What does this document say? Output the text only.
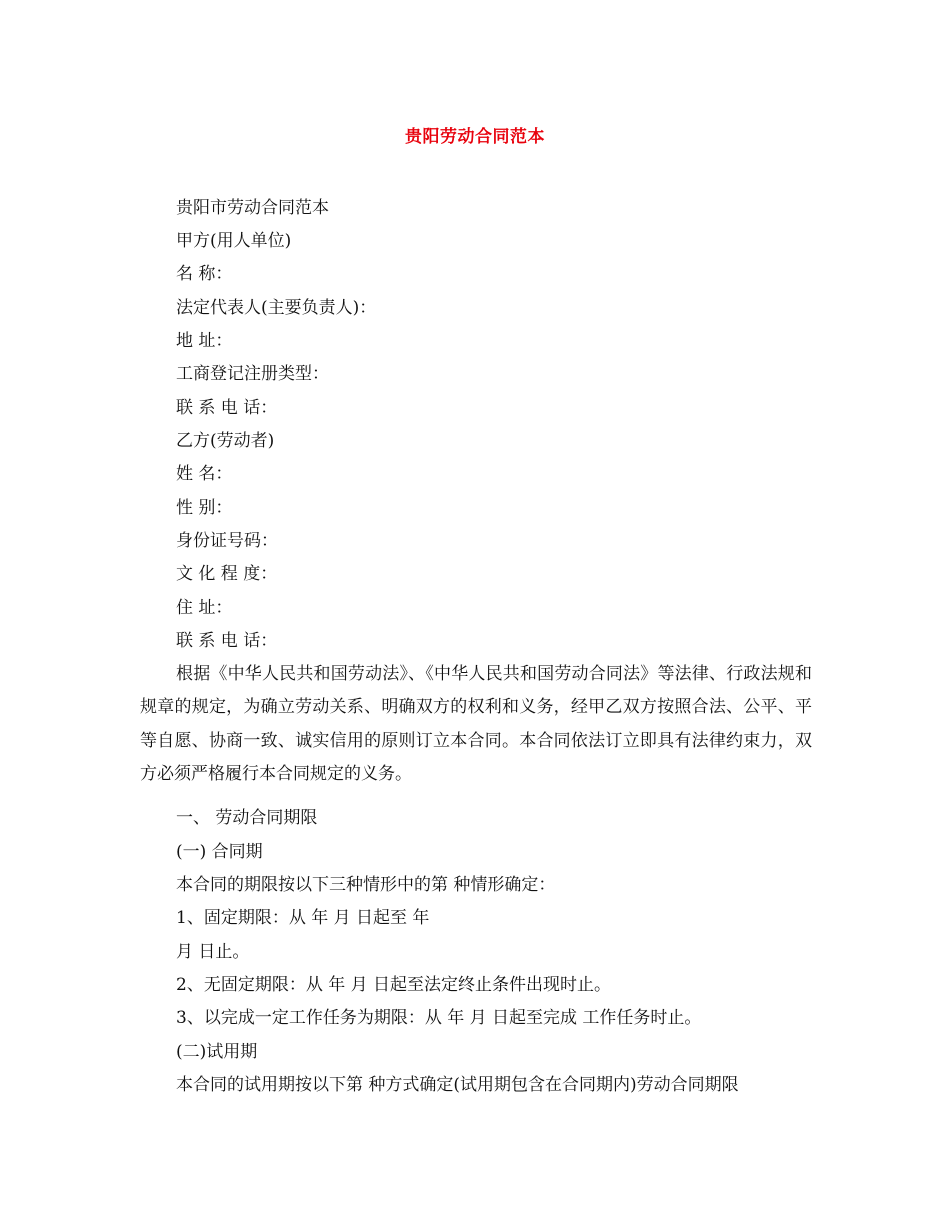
贵阳劳动合同范本
贵阳市劳动合同范本
甲方(用人单位)
名 称：
法定代表人(主要负责人)：
地 址：
工商登记注册类型：
联 系 电 话：
乙方(劳动者)
姓 名：
性 别：
身份证号码：
文 化 程 度：
住 址：
联 系 电 话：
根据《中华人民共和国劳动法》、《中华人民共和国劳动合同法》等法律、行政法规和规章的规定，为确立劳动关系、明确双方的权利和义务，经甲乙双方按照合法、公平、平等自愿、协商一致、诚实信用的原则订立本合同。本合同依法订立即具有法律约束力，双方必须严格履行本合同规定的义务。
一、 劳动合同期限
(一) 合同期
本合同的期限按以下三种情形中的第 种情形确定：
1、固定期限：从 年 月 日起至 年
月 日止。
2、无固定期限：从 年 月 日起至法定终止条件出现时止。
3、以完成一定工作任务为期限：从 年 月 日起至完成 工作任务时止。
(二)试用期
本合同的试用期按以下第 种方式确定(试用期包含在合同期内)劳动合同期限
